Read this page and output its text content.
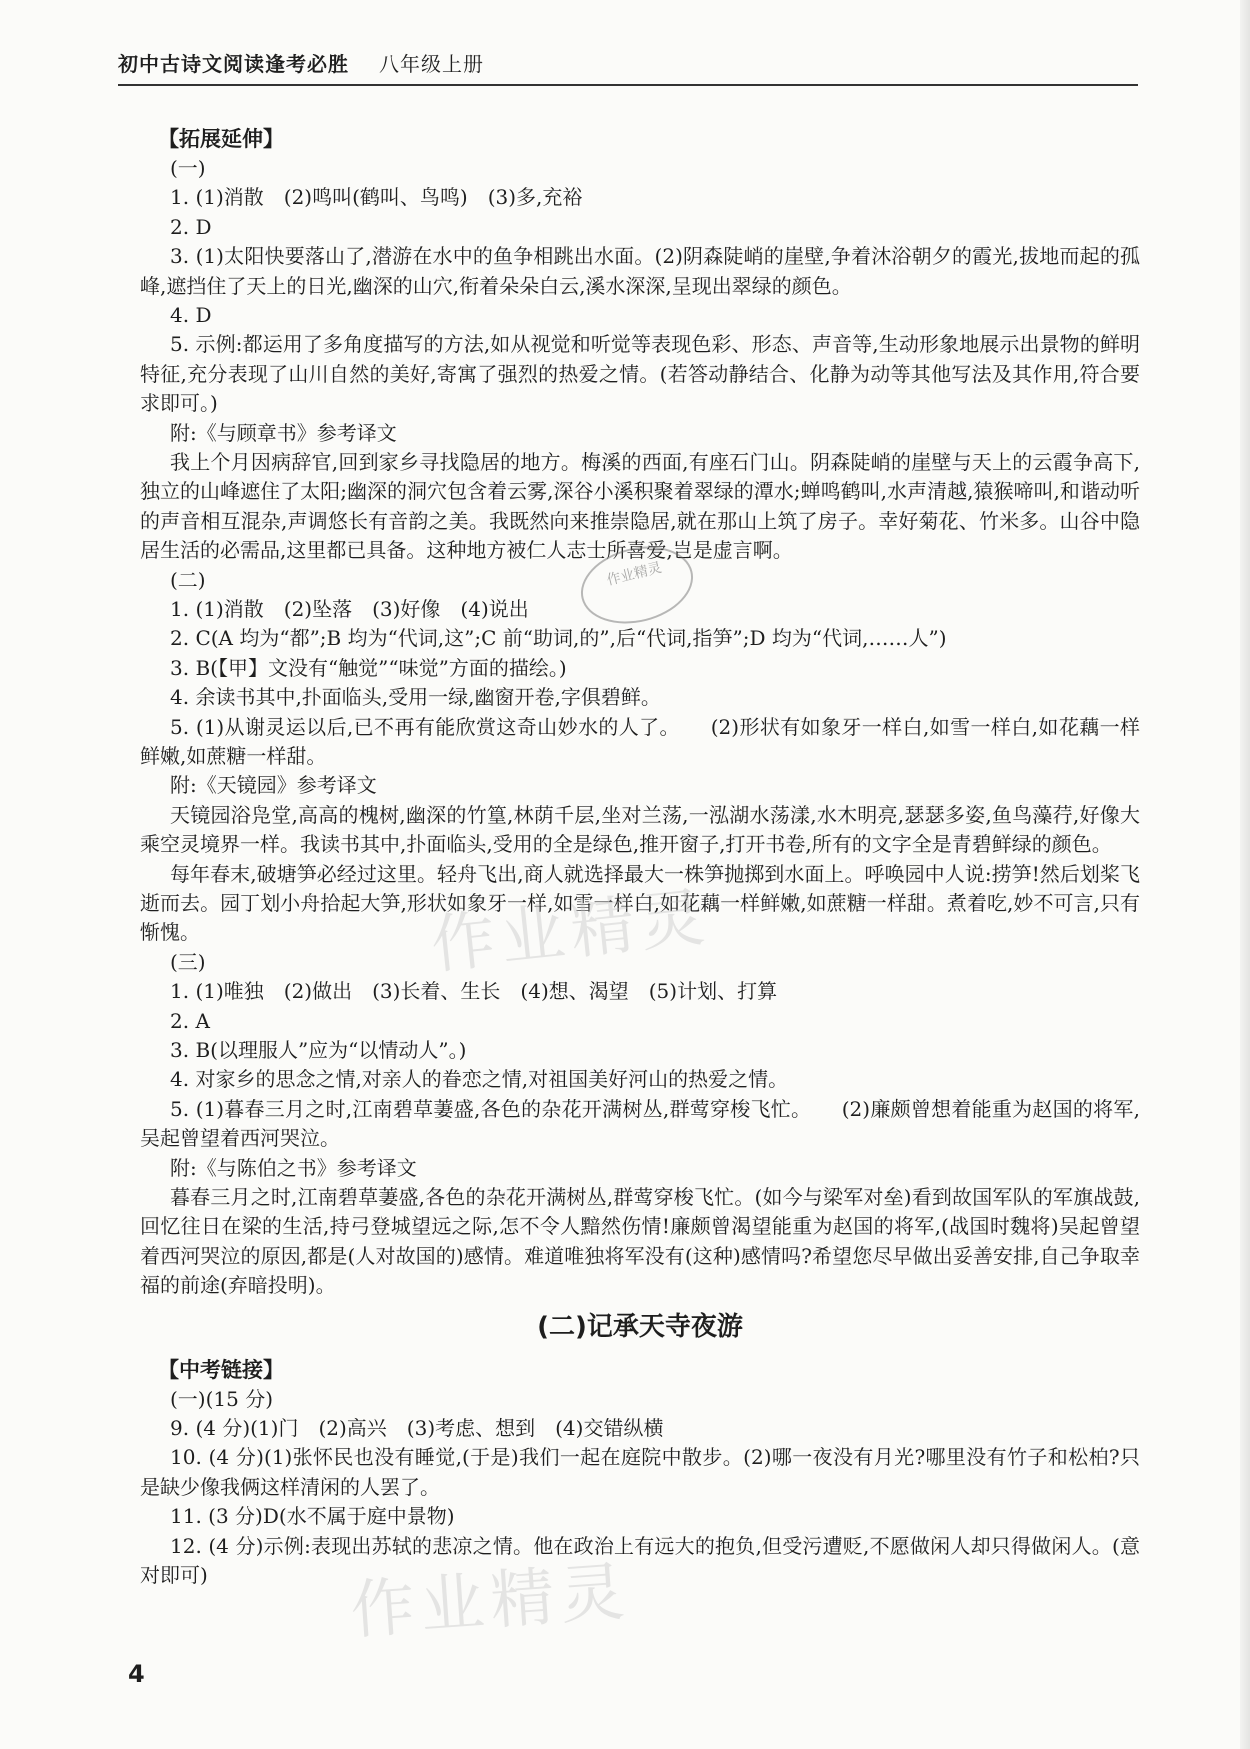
初中古诗文阅读逢考必胜 八年级上册
【拓展延伸】
(一)
1. (1)消散　(2)鸣叫(鹤叫、鸟鸣)　(3)多,充裕
2. D
3. (1)太阳快要落山了,潜游在水中的鱼争相跳出水面。(2)阴森陡峭的崖壁,争着沐浴朝夕的霞光,拔地而起的孤峰,遮挡住了天上的日光,幽深的山穴,衔着朵朵白云,溪水深深,呈现出翠绿的颜色。
4. D
5. 示例:都运用了多角度描写的方法,如从视觉和听觉等表现色彩、形态、声音等,生动形象地展示出景物的鲜明特征,充分表现了山川自然的美好,寄寓了强烈的热爱之情。(若答动静结合、化静为动等其他写法及其作用,符合要求即可。)
附:《与顾章书》参考译文
我上个月因病辞官,回到家乡寻找隐居的地方。梅溪的西面,有座石门山。阴森陡峭的崖壁与天上的云霞争高下,独立的山峰遮住了太阳;幽深的洞穴包含着云雾,深谷小溪积聚着翠绿的潭水;蝉鸣鹤叫,水声清越,猿猴啼叫,和谐动听的声音相互混杂,声调悠长有音韵之美。我既然向来推崇隐居,就在那山上筑了房子。幸好菊花、竹米多。山谷中隐居生活的必需品,这里都已具备。这种地方被仁人志士所喜爱,岂是虚言啊。
(二)
1. (1)消散　(2)坠落　(3)好像　(4)说出
2. C(A 均为“都”;B 均为“代词,这”;C 前“助词,的”,后“代词,指笋”;D 均为“代词,……人”)
3. B(【甲】文没有“触觉”“味觉”方面的描绘。)
4. 余读书其中,扑面临头,受用一绿,幽窗开卷,字俱碧鲜。
5. (1)从谢灵运以后,已不再有能欣赏这奇山妙水的人了。　　(2)形状有如象牙一样白,如雪一样白,如花藕一样鲜嫩,如蔗糖一样甜。
附:《天镜园》参考译文
天镜园浴凫堂,高高的槐树,幽深的竹篁,林荫千层,坐对兰荡,一泓湖水荡漾,水木明亮,瑟瑟多姿,鱼鸟藻荇,好像大乘空灵境界一样。我读书其中,扑面临头,受用的全是绿色,推开窗子,打开书卷,所有的文字全是青碧鲜绿的颜色。
每年春末,破塘笋必经过这里。轻舟飞出,商人就选择最大一株笋抛掷到水面上。呼唤园中人说:捞笋!然后划桨飞逝而去。园丁划小舟拾起大笋,形状如象牙一样,如雪一样白,如花藕一样鲜嫩,如蔗糖一样甜。煮着吃,妙不可言,只有惭愧。
(三)
1. (1)唯独　(2)做出　(3)长着、生长　(4)想、渴望　(5)计划、打算
2. A
3. B(以理服人”应为“以情动人”。)
4. 对家乡的思念之情,对亲人的眷恋之情,对祖国美好河山的热爱之情。
5. (1)暮春三月之时,江南碧草萋盛,各色的杂花开满树丛,群莺穿梭飞忙。　　(2)廉颇曾想着能重为赵国的将军,吴起曾望着西河哭泣。
附:《与陈伯之书》参考译文
暮春三月之时,江南碧草萋盛,各色的杂花开满树丛,群莺穿梭飞忙。(如今与梁军对垒)看到故国军队的军旗战鼓,回忆往日在梁的生活,持弓登城望远之际,怎不令人黯然伤情!廉颇曾渴望能重为赵国的将军,(战国时魏将)吴起曾望着西河哭泣的原因,都是(人对故国的)感情。难道唯独将军没有(这种)感情吗?希望您尽早做出妥善安排,自己争取幸福的前途(弃暗投明)。
(二)记承天寺夜游
【中考链接】
(一)(15 分)
9. (4 分)(1)门　(2)高兴　(3)考虑、想到　(4)交错纵横
10. (4 分)(1)张怀民也没有睡觉,(于是)我们一起在庭院中散步。(2)哪一夜没有月光?哪里没有竹子和松柏?只是缺少像我俩这样清闲的人罢了。
11. (3 分)D(水不属于庭中景物)
12. (4 分)示例:表现出苏轼的悲凉之情。他在政治上有远大的抱负,但受污遭贬,不愿做闲人却只得做闲人。(意对即可)
作业精灵
作业精灵
作业精灵
4
